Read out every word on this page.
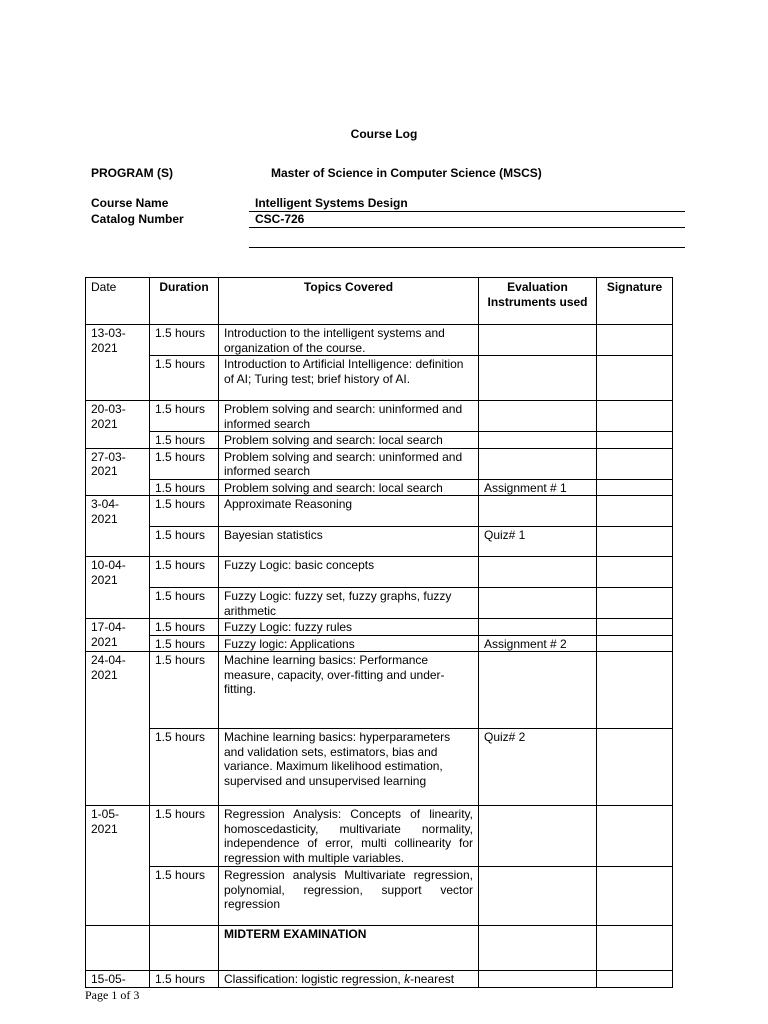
Course Log
PROGRAM (S)	Master of Science in Computer Science (MSCS)
Course Name	Intelligent Systems Design
Catalog Number	CSC-726
Date	Duration	Topics Covered	Evaluation Instruments used	Signature
13-03-2021	1.5 hours	Introduction to the intelligent systems and organization of the course.		
	1.5 hours	Introduction to Artificial Intelligence: definition of AI; Turing test; brief history of AI.		
20-03-2021	1.5 hours	Problem solving and search: uninformed and informed search		
	1.5 hours	Problem solving and search: local search		
27-03-2021	1.5 hours	Problem solving and search: uninformed and informed search		
	1.5 hours	Problem solving and search: local search	Assignment # 1	
3-04-2021	1.5 hours	Approximate Reasoning		
	1.5 hours	Bayesian statistics	Quiz# 1	
10-04-2021	1.5 hours	Fuzzy Logic: basic concepts		
	1.5 hours	Fuzzy Logic: fuzzy set, fuzzy graphs, fuzzy arithmetic		
17-04-2021	1.5 hours	Fuzzy Logic: fuzzy rules		
	1.5 hours	Fuzzy logic: Applications	Assignment # 2	
24-04-2021	1.5 hours	Machine learning basics: Performance measure, capacity, over-fitting and under-fitting.		
	1.5 hours	Machine learning basics: hyperparameters and validation sets, estimators, bias and variance. Maximum likelihood estimation, supervised and unsupervised learning	Quiz# 2	
1-05-2021	1.5 hours	Regression Analysis: Concepts of linearity, homoscedasticity, multivariate normality, independence of error, multi collinearity for regression with multiple variables.		
	1.5 hours	Regression analysis Multivariate regression, polynomial, regression, support vector regression		
		MIDTERM EXAMINATION		
15-05-	1.5 hours	Classification: logistic regression, k-nearest		
Page 1 of 3
